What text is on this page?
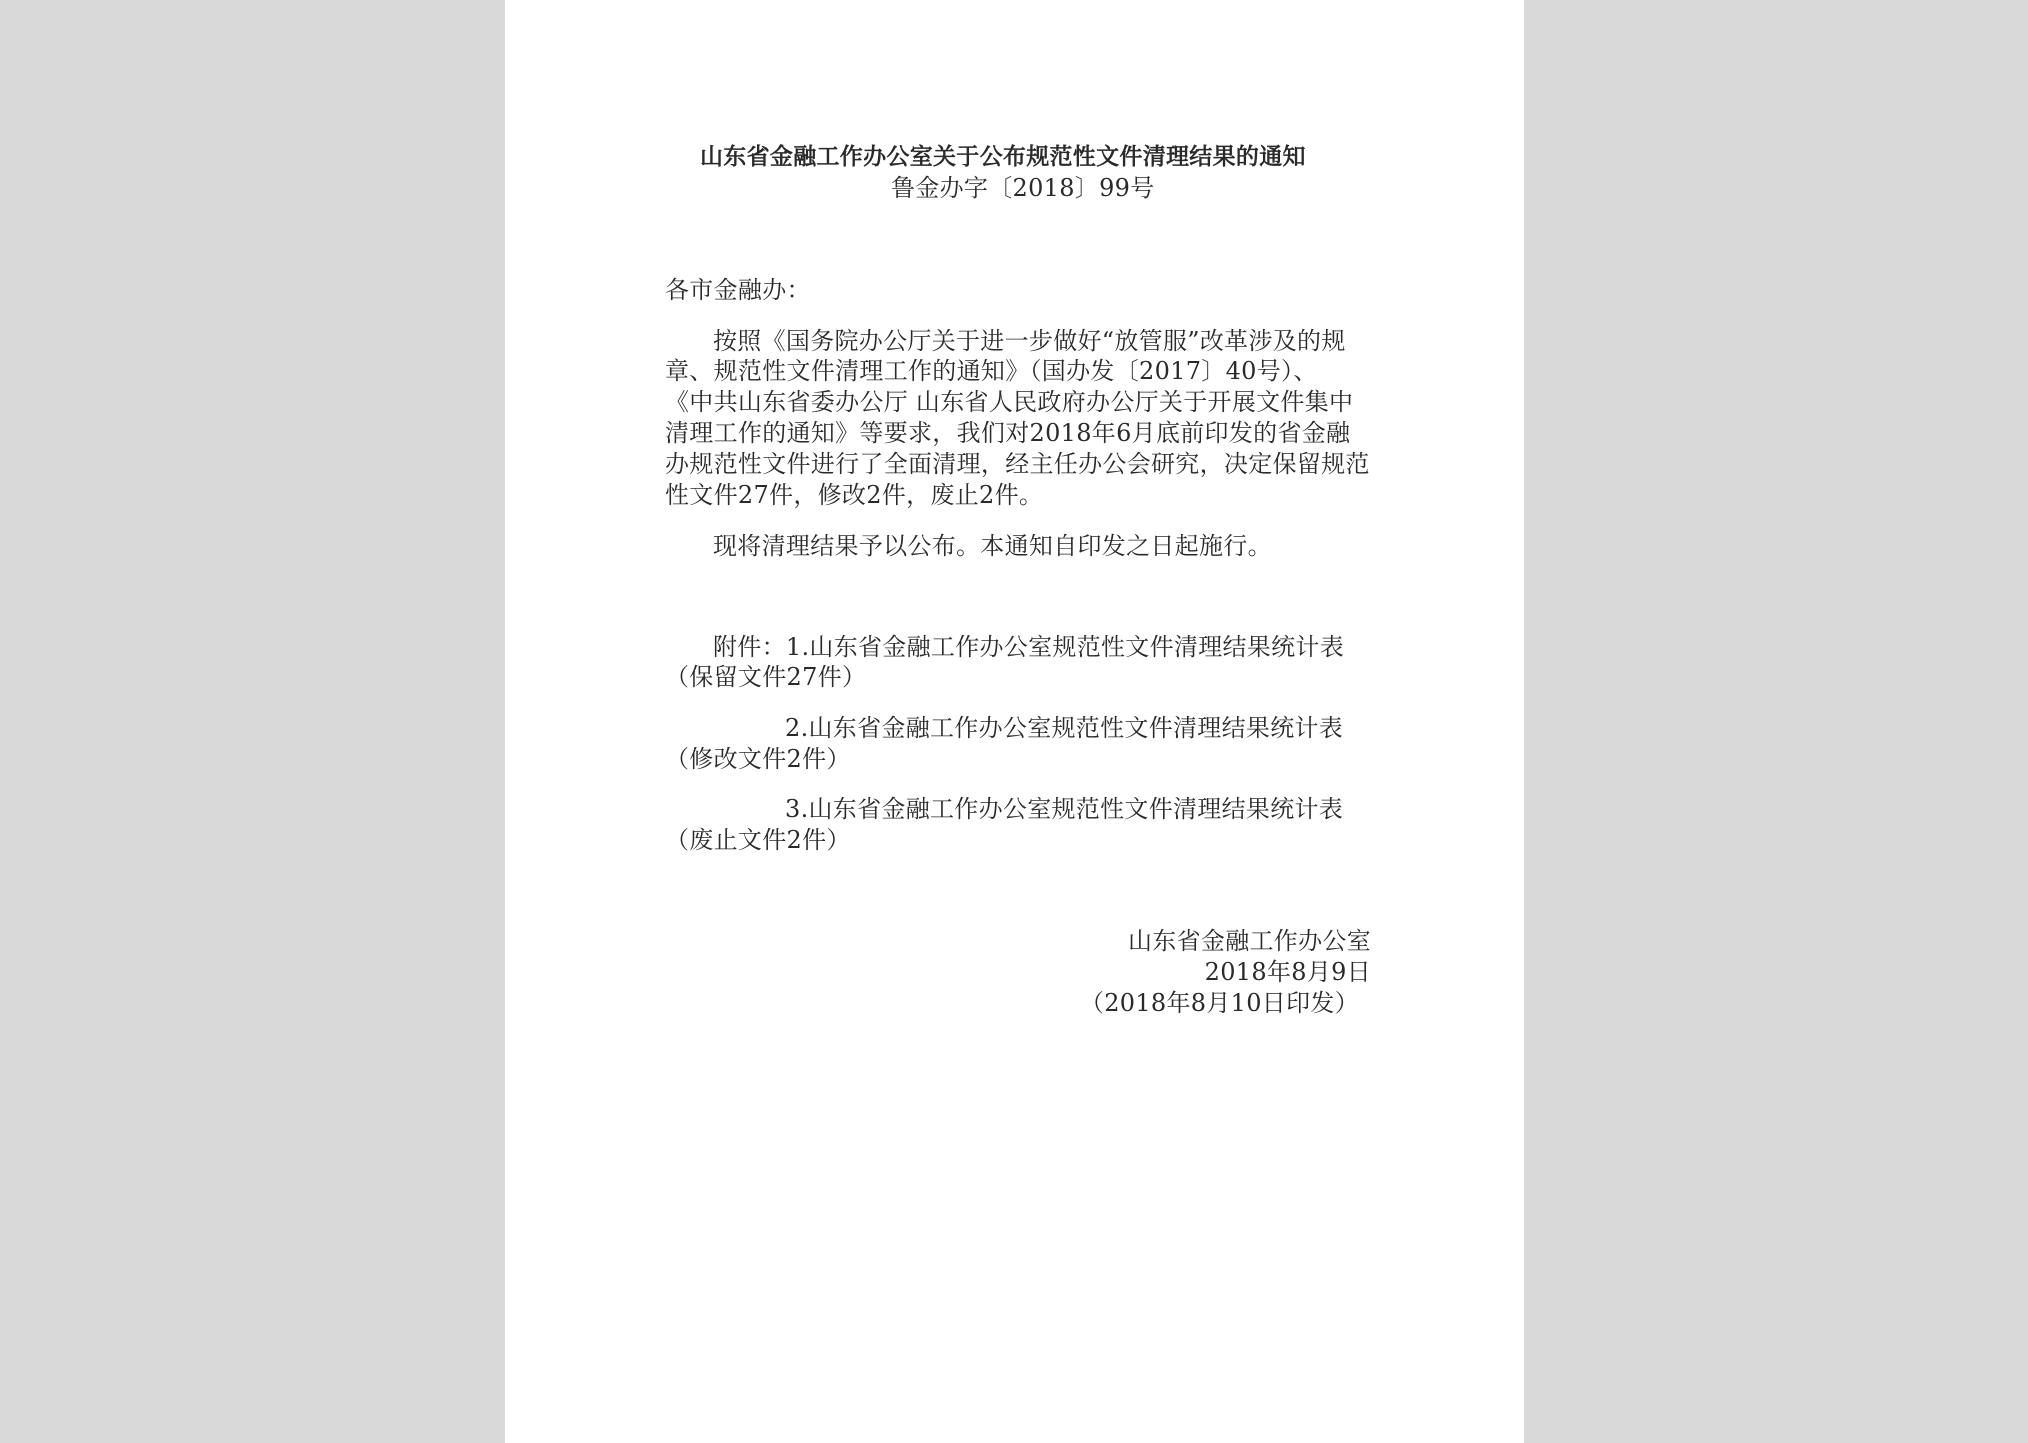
山东省金融工作办公室关于公布规范性文件清理结果的通知
鲁金办字〔2018〕99号
各市金融办：
按照《国务院办公厅关于进一步做好“放管服”改革涉及的规
章、规范性文件清理工作的通知》（国办发〔2017〕40号）、
《中共山东省委办公厅 山东省人民政府办公厅关于开展文件集中
清理工作的通知》等要求，我们对2018年6月底前印发的省金融
办规范性文件进行了全面清理，经主任办公会研究，决定保留规范
性文件27件，修改2件，废止2件。
现将清理结果予以公布。本通知自印发之日起施行。
附件：1.山东省金融工作办公室规范性文件清理结果统计表
（保留文件27件）
2.山东省金融工作办公室规范性文件清理结果统计表
（修改文件2件）
3.山东省金融工作办公室规范性文件清理结果统计表
（废止文件2件）
山东省金融工作办公室
2018年8月9日
（2018年8月10日印发）
